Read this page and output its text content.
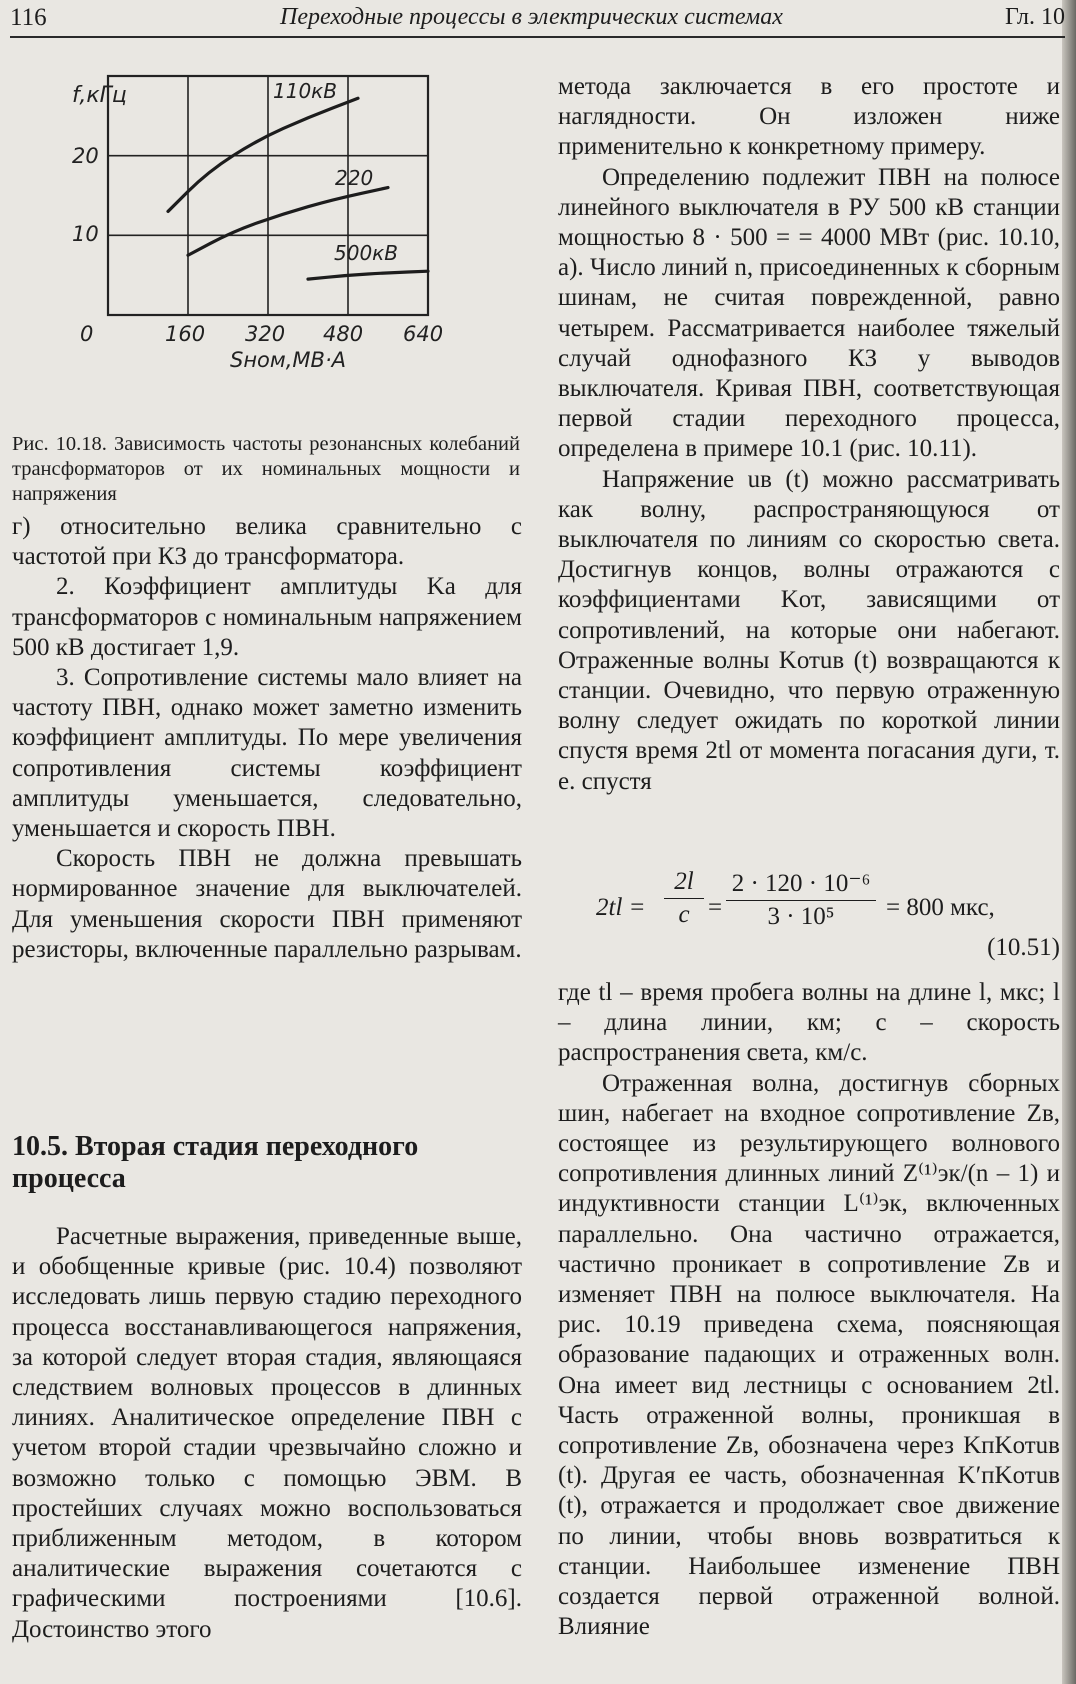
116	Переходные процессы в электрических системах	Гл. 10
f,кГц
20
10
0	160 320 480 640
Sном,МВ·А
110кВ
220
500кВ
Рис. 10.18. Зависимость частоты резонансных колебаний трансформаторов от их номинальных мощности и напряжения

г) относительно велика сравнительно с частотой при КЗ до трансформатора.

2. Коэффициент амплитуды Kа для трансформаторов с номинальным напряжением 500 кВ достигает 1,9.

3. Сопротивление системы мало влияет на частоту ПВН, однако может заметно изменить коэффициент амплитуды. По мере увеличения сопротивления системы коэффициент амплитуды уменьшается, следовательно, уменьшается и скорость ПВН.

Скорость ПВН не должна превышать нормированное значение для выключателей. Для уменьшения скорости ПВН применяют резисторы, включенные параллельно разрывам.

10.5. Вторая стадия переходного процесса

Расчетные выражения, приведенные выше, и обобщенные кривые (рис. 10.4) позволяют исследовать лишь первую стадию переходного процесса восстанавливающегося напряжения, за которой следует вторая стадия, являющаяся следствием волновых процессов в длинных линиях. Аналитическое определение ПВН с учетом второй стадии чрезвычайно сложно и возможно только с помощью ЭВМ. В простейших случаях можно воспользоваться приближенным методом, в котором аналитические выражения сочетаются с графическими построениями [10.6]. Достоинство этого

метода заключается в его простоте и наглядности. Он изложен ниже применительно к конкретному примеру.

Определению подлежит ПВН на полюсе линейного выключателя в РУ 500 кВ станции мощностью 8 · 500 = = 4000 МВт (рис. 10.10, а). Число линий n, присоединенных к сборным шинам, не считая поврежденной, равно четырем. Рассматривается наиболее тяжелый случай однофазного КЗ у выводов выключателя. Кривая ПВН, соответствующая первой стадии переходного процесса, определена в примере 10.1 (рис. 10.11).

Напряжение uв (t) можно рассматривать как волну, распространяющуюся от выключателя по линиям со скоростью света. Достигнув концов, волны отражаются с коэффициентами Kот, зависящими от сопротивлений, на которые они набегают. Отраженные волны Kотuв (t) возвращаются к станции. Очевидно, что первую отраженную волну следует ожидать по короткой линии спустя время 2tl от момента погасания дуги, т. е. спустя

2tl =
2l
c =
2 · 120 · 10⁻⁶
3 · 10⁵	= 800 мкс,
(10.51)

где tl – время пробега волны на длине l, мкс; l – длина линии, км; c – скорость распространения света, км/с.

Отраженная волна, достигнув сборных шин, набегает на входное сопротивление Zв, состоящее из результирующего волнового сопротивления длинных линий Z⁽¹⁾эк/(n – 1) и индуктивности станции L⁽¹⁾эк, включенных параллельно. Она частично отражается, частично проникает в сопротивление Zв и изменяет ПВН на полюсе выключателя. На рис. 10.19 приведена схема, поясняющая образование падающих и отраженных волн. Она имеет вид лестницы с основанием 2tl. Часть отраженной волны, проникшая в сопротивление Zв, обозначена через KпKотuв (t). Другая ее часть, обозначенная K′пKотuв (t), отражается и продолжает свое движение по линии, чтобы вновь возвратиться к станции. Наибольшее изменение ПВН создается первой отраженной волной. Влияние
